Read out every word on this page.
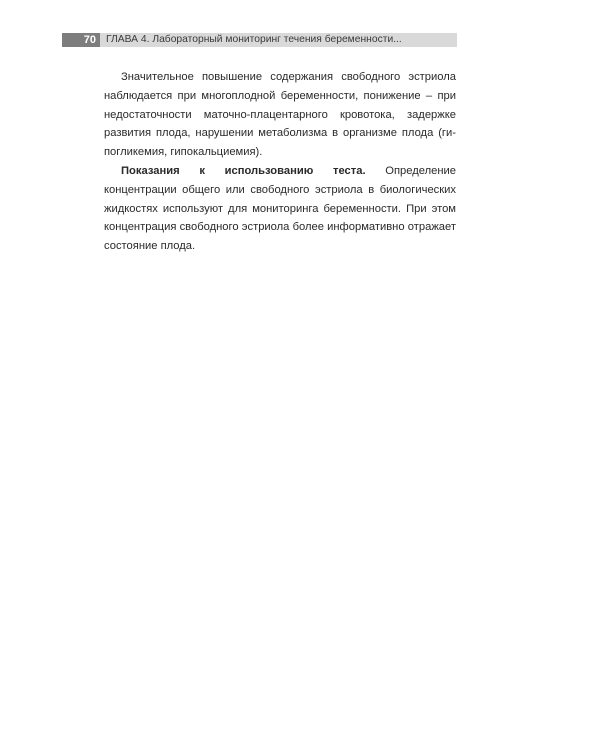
70 ГЛАВА 4. Лабораторный мониторинг течения беременности...

Значительное повышение содержания свободного эстриола наблюдается при многоплодной беременности, понижение – при недостаточности маточно-плацентарного кровотока, задержке развития плода, нарушении метаболизма в организме плода (гипогликемия, гипокальциемия).

Показания к использованию теста. Определение концентрации общего или свободного эстриола в биологических жидкостях используют для мониторинга беременности. При этом концентрация свободного эстриола более информативно отражает состояние плода.
